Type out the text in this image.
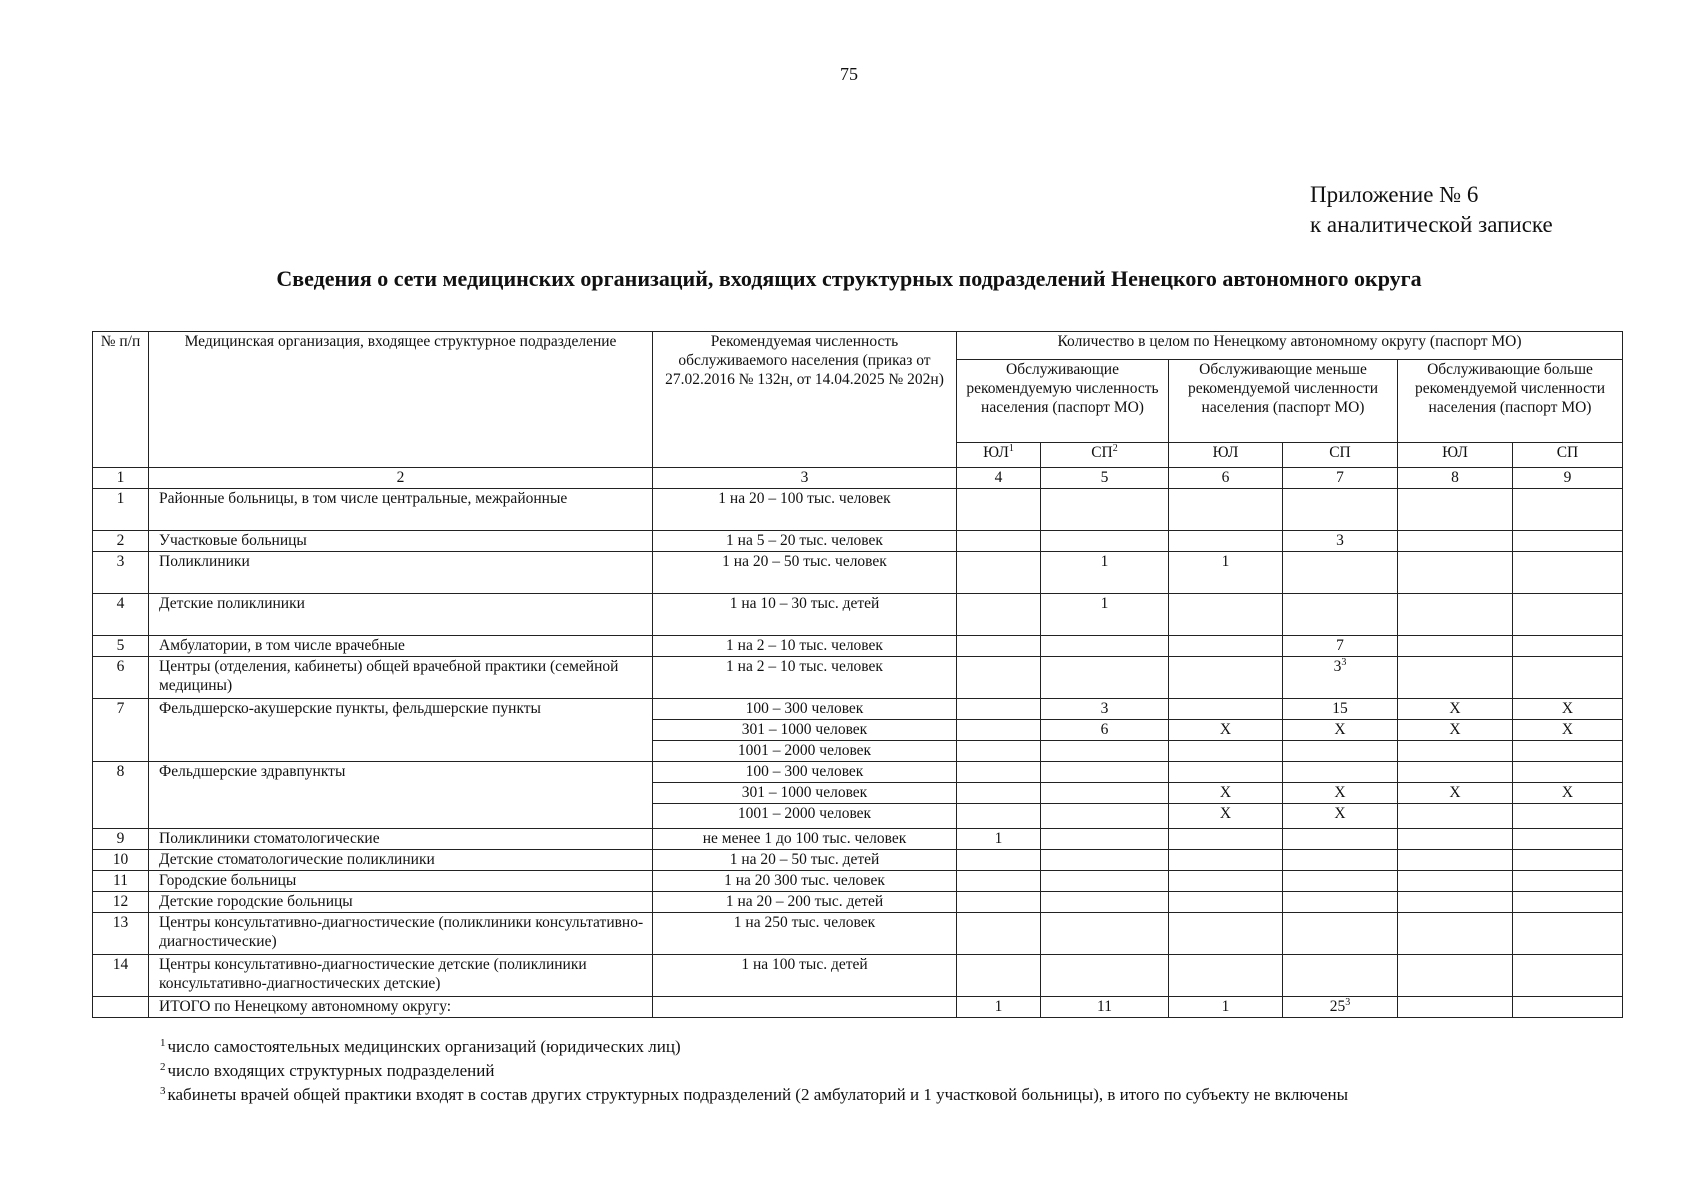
75
Приложение № 6
к аналитической записке
Сведения о сети медицинских организаций, входящих структурных подразделений Ненецкого автономного округа
№ п/п	Медицинская организация, входящее структурное подразделение	Рекомендуемая численность обслуживаемого населения (приказ от 27.02.2016 № 132н, от 14.04.2025 № 202н)	Количество в целом по Ненецкому автономному округу (паспорт МО)					
			Обслуживающие рекомендуемую численность населения (паспорт МО)		Обслуживающие меньше рекомендуемой численности населения (паспорт МО)		Обслуживающие больше рекомендуемой численности населения (паспорт МО)	
			$ЮЛ^1$	$СП^2$	ЮЛ	СП	ЮЛ	СП
1	2	3	4	5	6	7	8	9
1	Районные больницы, в том числе центральные, межрайонные	1 на 20 – 100 тыс. человек						
2	Участковые больницы	1 на 5 – 20 тыс. человек				3		
3	Поликлиники	1 на 20 – 50 тыс. человек		1	1			
4	Детские поликлиники	1 на 10 – 30 тыс. детей		1				
5	Амбулатории, в том числе врачебные	1 на 2 – 10 тыс. человек				7		
6	Центры (отделения, кабинеты) общей врачебной практики (семейной медицины)	1 на 2 – 10 тыс. человек				$3^3$		
7	Фельдшерско-акушерские пункты, фельдшерские пункты	100 – 300 человек		3		15	Х	Х
		301 – 1000 человек		6	Х	Х	Х	Х
		1001 – 2000 человек						
8	Фельдшерские здравпункты	100 – 300 человек						
		301 – 1000 человек			Х	Х	Х	Х
		1001 – 2000 человек			Х	Х		
9	Поликлиники стоматологические	не менее 1 до 100 тыс. человек	1					
10	Детские стоматологические поликлиники	1 на 20 – 50 тыс. детей						
11	Городские больницы	1 на 20 300 тыс. человек						
12	Детские городские больницы	1 на 20 – 200 тыс. детей						
13	Центры консультативно-диагностические (поликлиники консультативно-диагностические)	1 на 250 тыс. человек						
14	Центры консультативно-диагностические детские (поликлиники консультативно-диагностических детские)	1 на 100 тыс. детей						
	ИТОГО по Ненецкому автономному округу:		1	11	1	$25^3$		
$^1$ число самостоятельных медицинских организаций (юридических лиц)
$^2$ число входящих структурных подразделений
$^3$ кабинеты врачей общей практики входят в состав других структурных подразделений (2 амбулаторий и 1 участковой больницы), в итого по субъекту не включены
